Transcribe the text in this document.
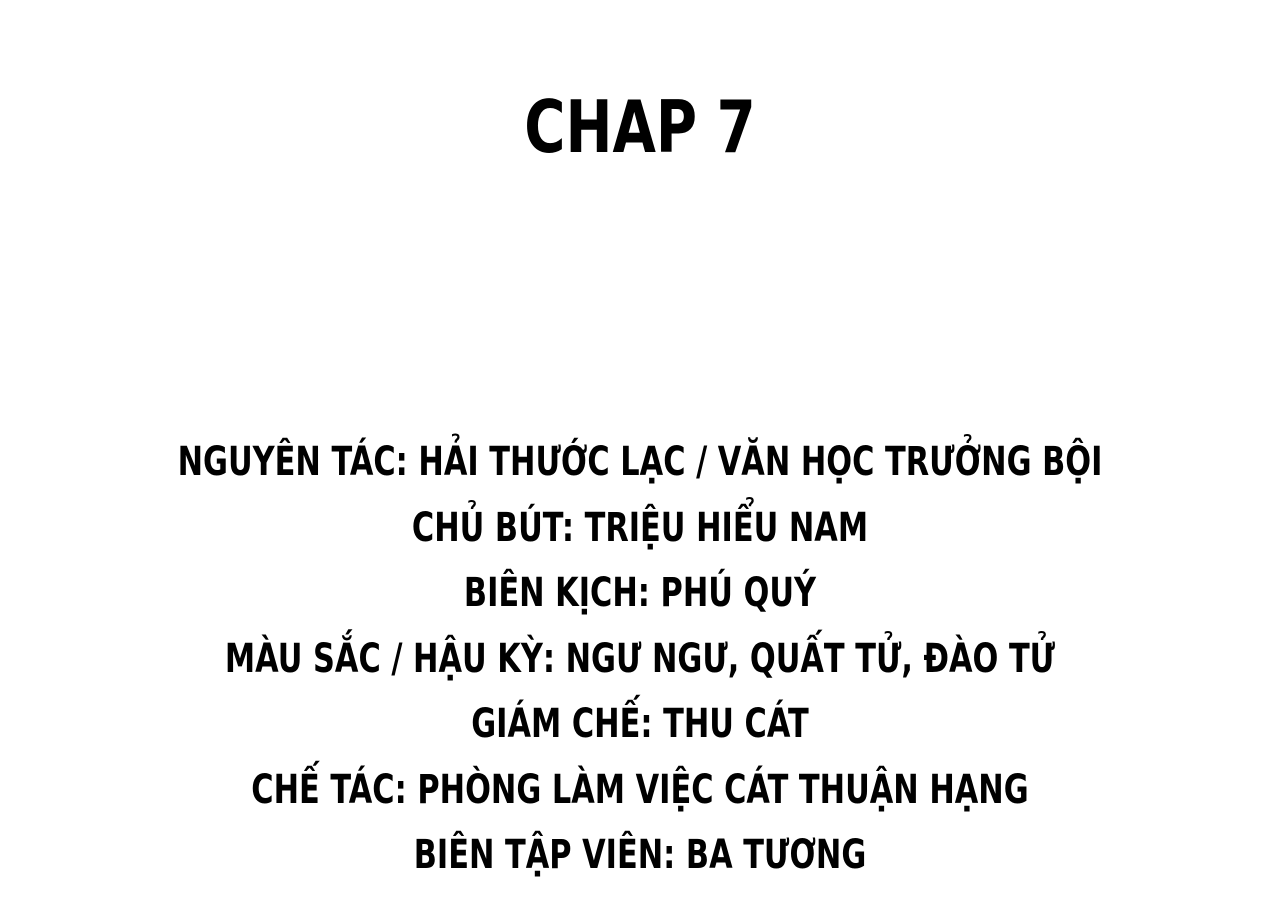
CHAP 7
NGUYÊN TÁC: HẢI THƯỚC LẠC / VĂN HỌC TRƯỞNG BỘI
CHỦ BÚT: TRIỆU HIỂU NAM
BIÊN KỊCH: PHÚ QUÝ
MÀU SẮC / HẬU KỲ: NGƯ NGƯ, QUẤT TỬ, ĐÀO TỬ
GIÁM CHẾ: THU CÁT
CHẾ TÁC: PHÒNG LÀM VIỆC CÁT THUẬN HẠNG
BIÊN TẬP VIÊN: BA TƯƠNG
